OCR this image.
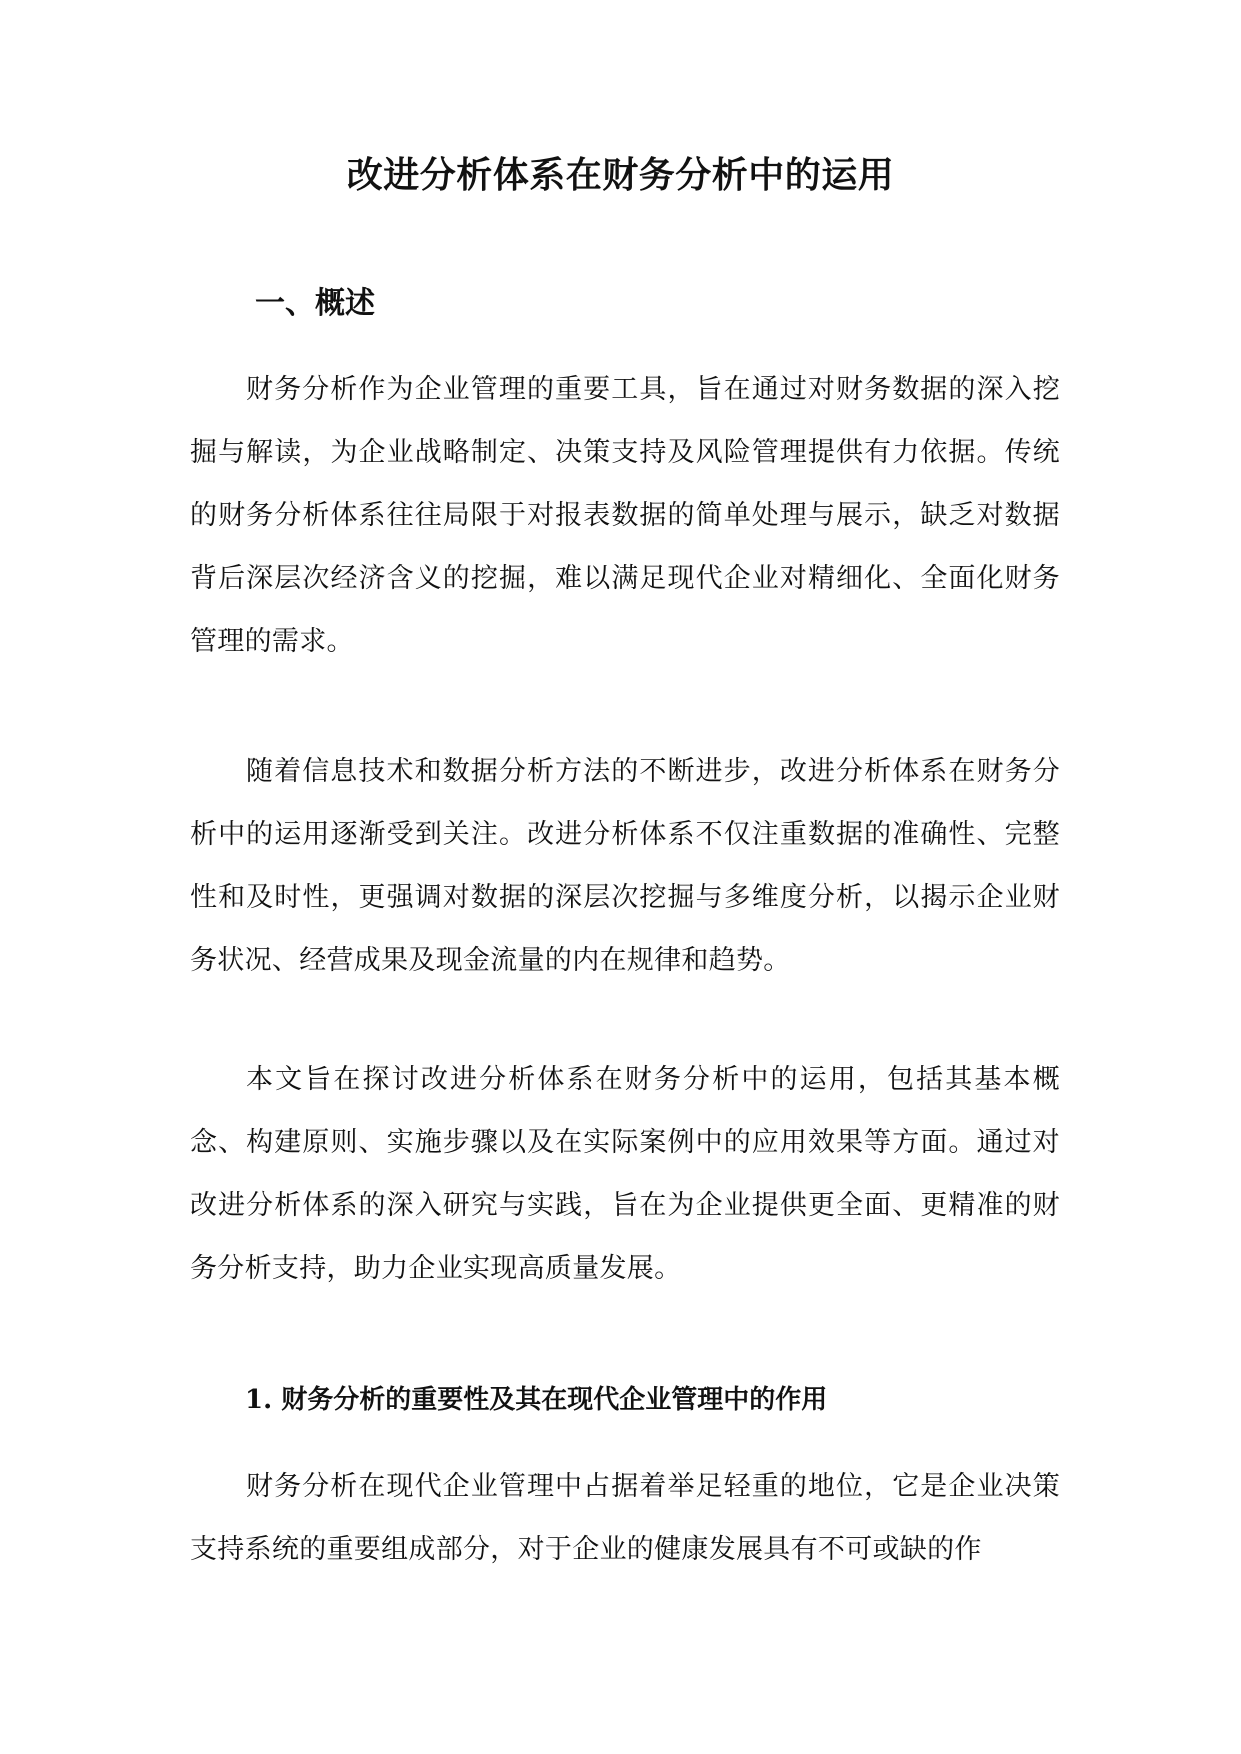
改进分析体系在财务分析中的运用
一、概述

财务分析作为企业管理的重要工具，旨在通过对财务数据的深入挖掘与解读，为企业战略制定、决策支持及风险管理提供有力依据。传统的财务分析体系往往局限于对报表数据的简单处理与展示，缺乏对数据背后深层次经济含义的挖掘，难以满足现代企业对精细化、全面化财务管理的需求。

随着信息技术和数据分析方法的不断进步，改进分析体系在财务分析中的运用逐渐受到关注。改进分析体系不仅注重数据的准确性、完整性和及时性，更强调对数据的深层次挖掘与多维度分析，以揭示企业财务状况、经营成果及现金流量的内在规律和趋势。

本文旨在探讨改进分析体系在财务分析中的运用，包括其基本概念、构建原则、实施步骤以及在实际案例中的应用效果等方面。通过对改进分析体系的深入研究与实践，旨在为企业提供更全面、更精准的财务分析支持，助力企业实现高质量发展。

1. 财务分析的重要性及其在现代企业管理中的作用

财务分析在现代企业管理中占据着举足轻重的地位，它是企业决策支持系统的重要组成部分，对于企业的健康发展具有不可或缺的作
